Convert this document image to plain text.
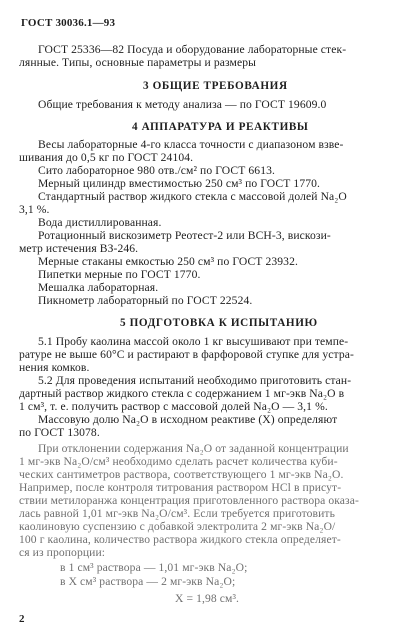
ГОСТ 30036.1—93
ГОСТ 25336—82 Посуда и оборудование лабораторные стек-
лянные. Типы, основные параметры и размеры
3 ОБЩИЕ ТРЕБОВАНИЯ
Общие требования к методу анализа — по ГОСТ 19609.0
4 АППАРАТУРА И РЕАКТИВЫ
Весы лабораторные 4-го класса точности с диапазоном взве-
шивания до 0,5 кг по ГОСТ 24104.
Сито лабораторное 980 отв./см² по ГОСТ 6613.
Мерный цилиндр вместимостью 250 см³ по ГОСТ 1770.
Стандартный раствор жидкого стекла с массовой долей Na₂O
3,1 %.
Вода дистиллированная.
Ротационный вискозиметр Реотест-2 или ВСН-3, вискози-
метр истечения ВЗ-246.
Мерные стаканы емкостью 250 см³ по ГОСТ 23932.
Пипетки мерные по ГОСТ 1770.
Мешалка лабораторная.
Пикнометр лабораторный по ГОСТ 22524.
5 ПОДГОТОВКА К ИСПЫТАНИЮ
5.1 Пробу каолина массой около 1 кг высушивают при темпе-
ратуре не выше 60°С и растирают в фарфоровой ступке для устра-
нения комков.
5.2 Для проведения испытаний необходимо приготовить стан-
дартный раствор жидкого стекла с содержанием 1 мг-экв Na₂O в
1 см³, т. е. получить раствор с массовой долей Na₂O — 3,1 %.
Массовую долю Na₂O в исходном реактиве (X) определяют
по ГОСТ 13078.
При отклонении содержания Na₂O от заданной концентрации
1 мг-экв Na₂O/см³ необходимо сделать расчет количества куби-
ческих сантиметров раствора, соответствующего 1 мг-экв Na₂O.
Например, после контроля титрования раствором HCl в присут-
ствии метилоранжа концентрация приготовленного раствора оказа-
лась равной 1,01 мг-экв Na₂O/см³. Если требуется приготовить
каолиновую суспензию с добавкой электролита 2 мг-экв Na₂O/
100 г каолина, количество раствора жидкого стекла определяет-
ся из пропорции:
в 1 см³ раствора — 1,01 мг-экв Na₂O;
в X см³ раствора — 2 мг-экв Na₂O;
X = 1,98 см³.
2
